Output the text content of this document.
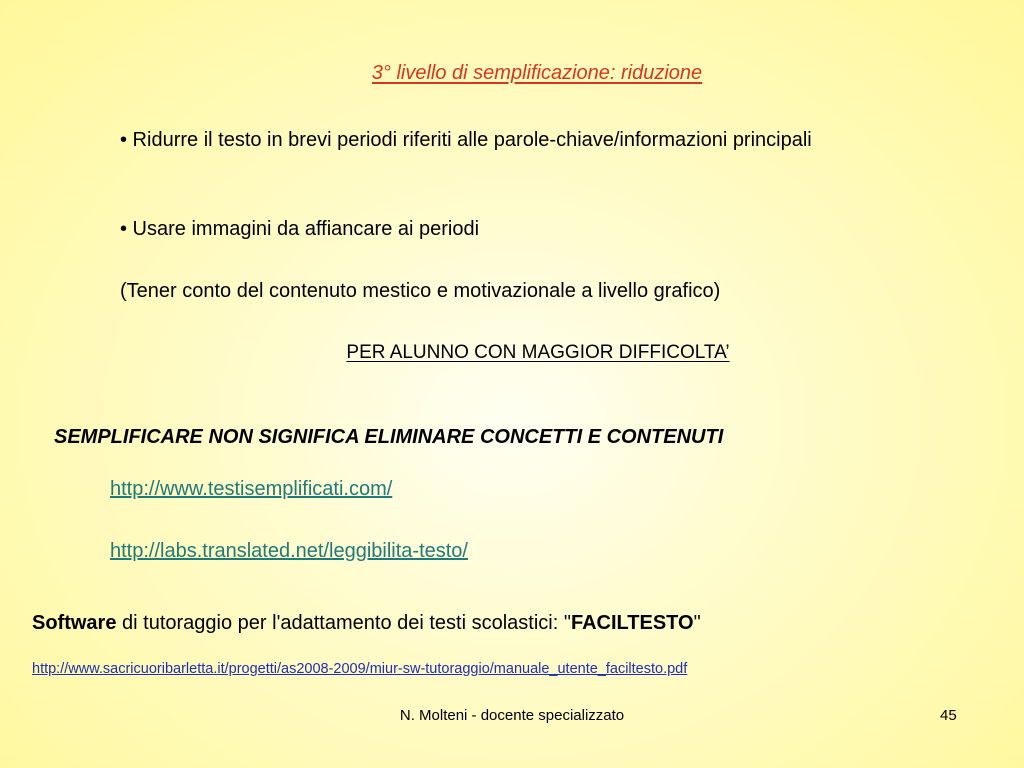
3° livello di semplificazione: riduzione

• Ridurre il testo in brevi periodi riferiti alle parole-chiave/informazioni principali

• Usare immagini da affiancare ai periodi

(Tener conto del contenuto mestico e motivazionale a livello grafico)

PER ALUNNO CON MAGGIOR DIFFICOLTA’

SEMPLIFICARE NON SIGNIFICA ELIMINARE CONCETTI E CONTENUTI

http://www.testisemplificati.com/
http://labs.translated.net/leggibilita-testo/

Software di tutoraggio per l'adattamento dei testi scolastici: "FACILTESTO"

http://www.sacricuoribarletta.it/progetti/as2008-2009/miur-sw-tutoraggio/manuale_utente_faciltesto.pdf

N. Molteni - docente specializzato	45
